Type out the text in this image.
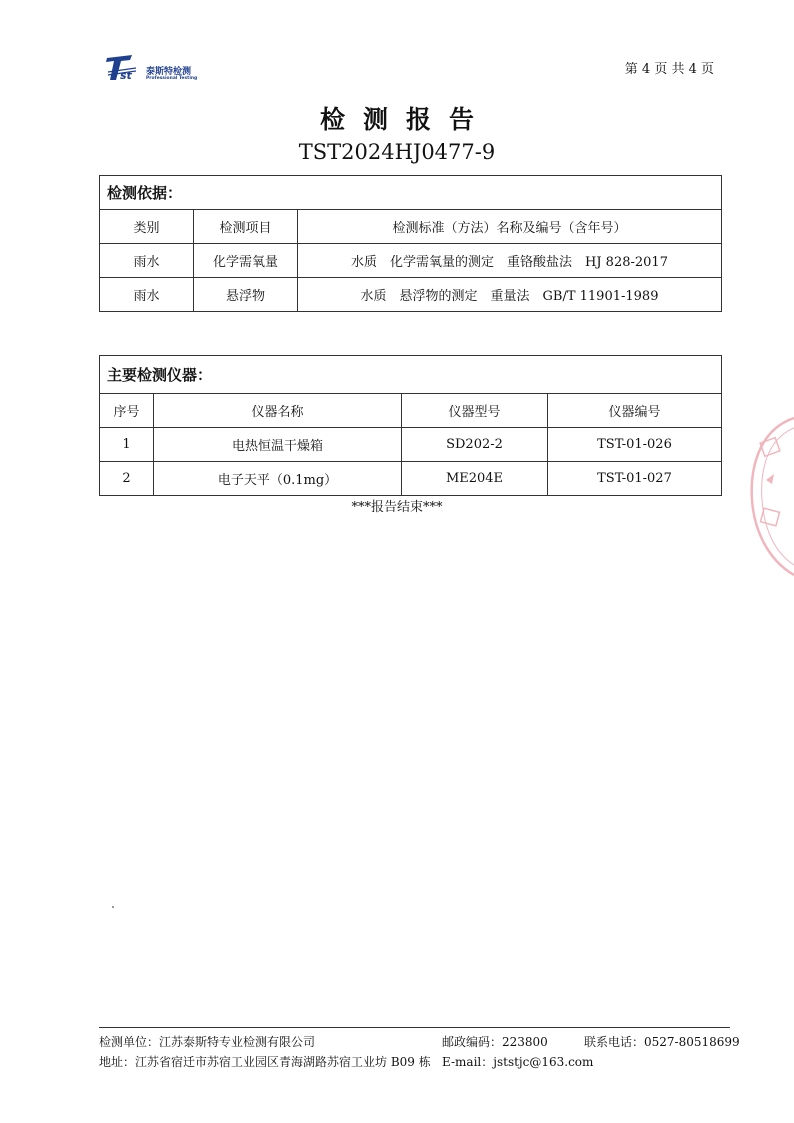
st 泰斯特检测
Professional Testing
第 4 页 共 4 页
检测报告
TST2024HJ0477-9
检测依据：		
类别	检测项目	检测标准（方法）名称及编号（含年号）
雨水	化学需氧量	水质　化学需氧量的测定　重铬酸盐法　HJ 828-2017
雨水	悬浮物	水质　悬浮物的测定　重量法　GB/T 11901-1989
主要检测仪器：			
序号	仪器名称	仪器型号	仪器编号
1	电热恒温干燥箱	SD202-2	TST-01-026
2	电子天平（0.1mg）	ME204E	TST-01-027
***报告结束***
检测单位：江苏泰斯特专业检测有限公司	邮政编码：223800	联系电话：0527-80518699
地址：江苏省宿迁市苏宿工业园区青海湖路苏宿工业坊 B09 栋 E-mail：jststjc@163.com
